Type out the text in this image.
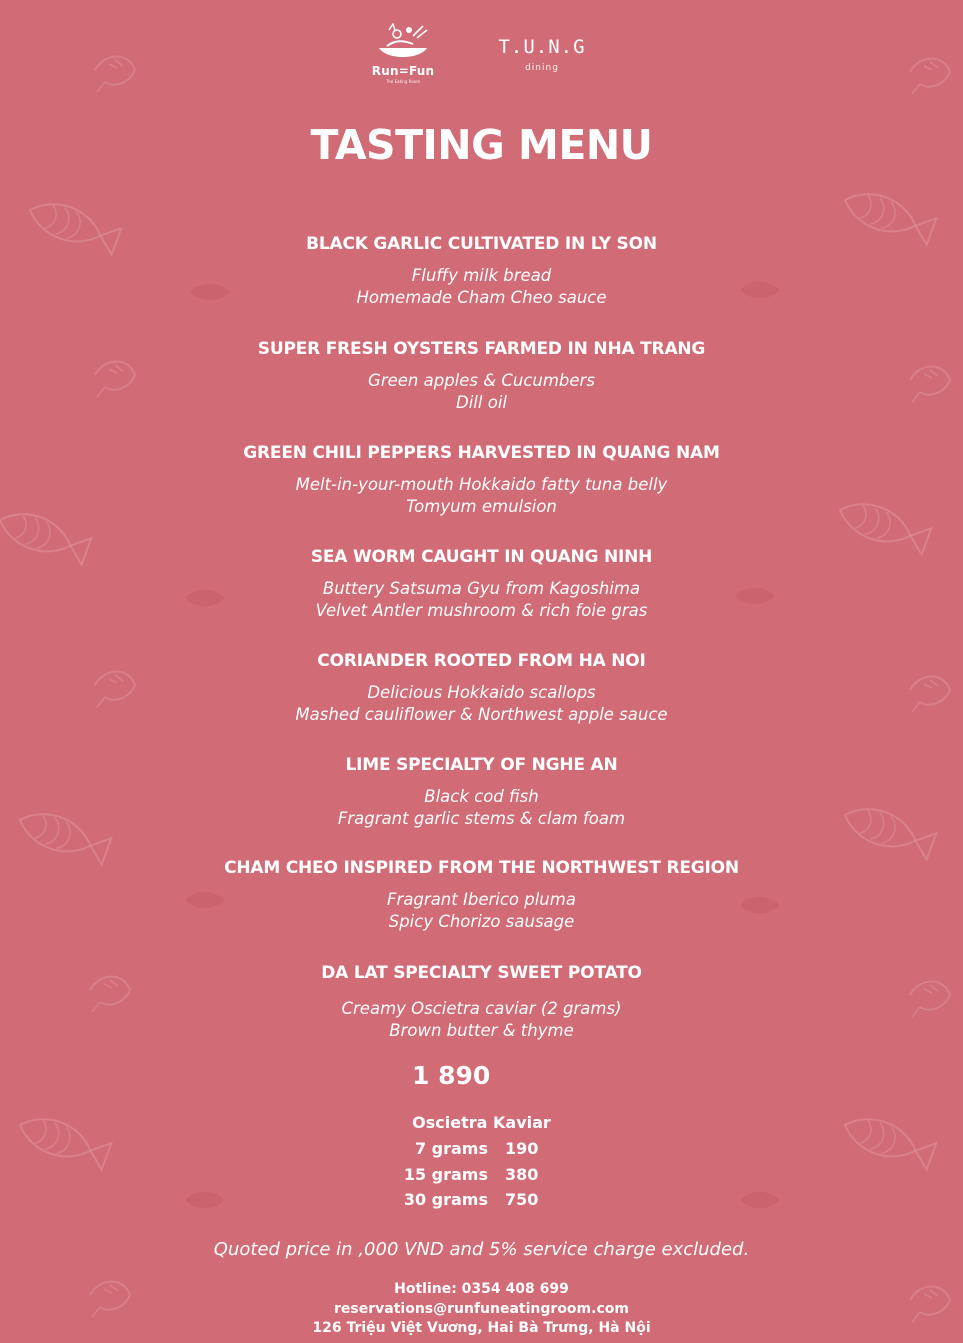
Run=Fun
The Eating Room
T.U.N.G
dining
TASTING MENU
BLACK GARLIC CULTIVATED IN LY SON
Fluffy milk bread
Homemade Cham Cheo sauce
SUPER FRESH OYSTERS FARMED IN NHA TRANG
Green apples & Cucumbers
Dill oil
GREEN CHILI PEPPERS HARVESTED IN QUANG NAM
Melt-in-your-mouth Hokkaido fatty tuna belly
Tomyum emulsion
SEA WORM CAUGHT IN QUANG NINH
Buttery Satsuma Gyu from Kagoshima
Velvet Antler mushroom & rich foie gras
CORIANDER ROOTED FROM HA NOI
Delicious Hokkaido scallops
Mashed cauliflower & Northwest apple sauce
LIME SPECIALTY OF NGHE AN
Black cod fish
Fragrant garlic stems & clam foam
CHAM CHEO INSPIRED FROM THE NORTHWEST REGION
Fragrant Iberico pluma
Spicy Chorizo sausage
DA LAT SPECIALTY SWEET POTATO
Creamy Oscietra caviar (2 grams)
Brown butter & thyme
1 890
Oscietra Kaviar
7 grams 190
15 grams 380
30 grams 750
Quoted price in ,000 VND and 5% service charge excluded.
Hotline: 0354 408 699
reservations@runfuneatingroom.com
126 Triệu Việt Vương, Hai Bà Trưng, Hà Nội
